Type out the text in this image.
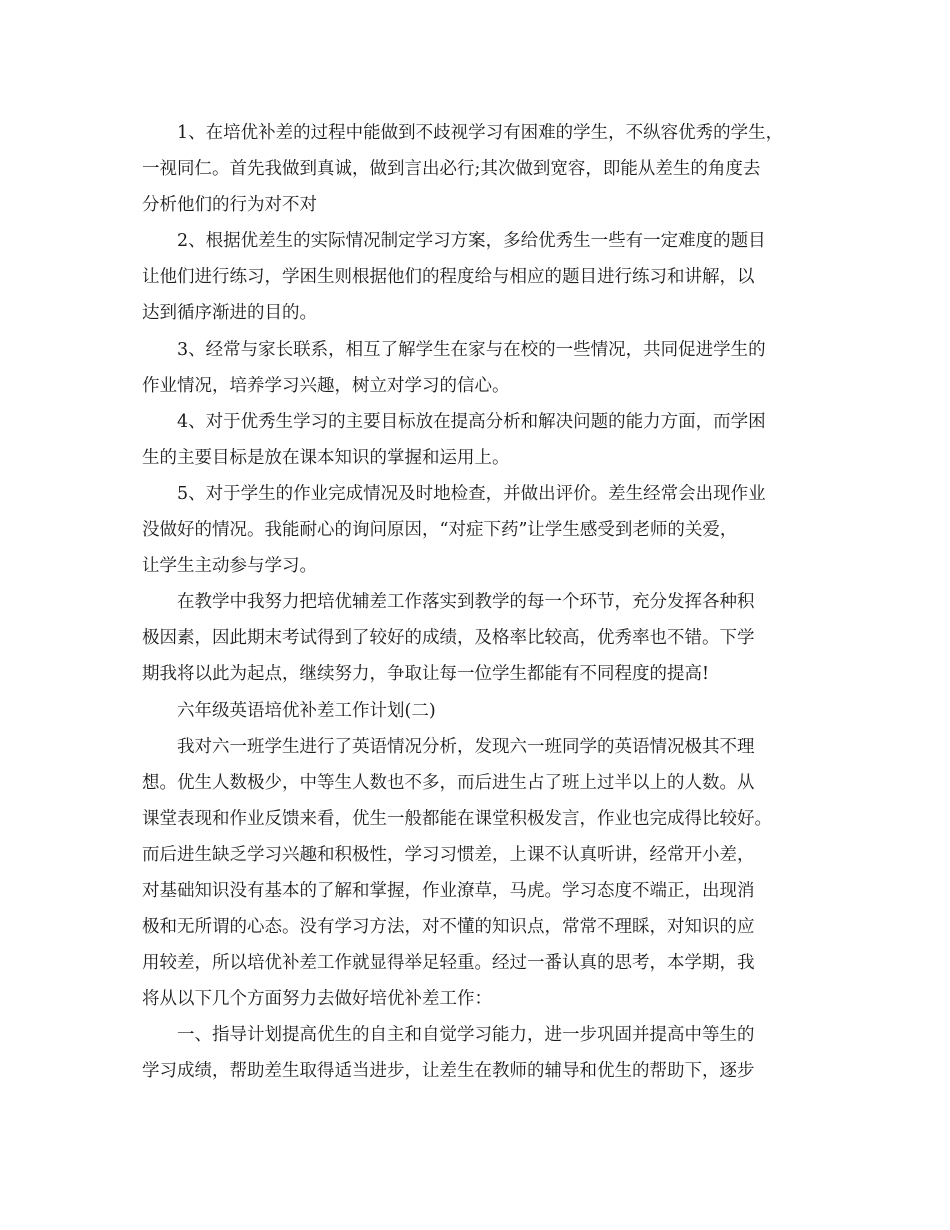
1、在培优补差的过程中能做到不歧视学习有困难的学生，不纵容优秀的学生，
一视同仁。首先我做到真诚，做到言出必行;其次做到宽容，即能从差生的角度去
分析他们的行为对不对
2、根据优差生的实际情况制定学习方案，多给优秀生一些有一定难度的题目
让他们进行练习，学困生则根据他们的程度给与相应的题目进行练习和讲解，以
达到循序渐进的目的。
3、经常与家长联系，相互了解学生在家与在校的一些情况，共同促进学生的
作业情况，培养学习兴趣，树立对学习的信心。
4、对于优秀生学习的主要目标放在提高分析和解决问题的能力方面，而学困
生的主要目标是放在课本知识的掌握和运用上。
5、对于学生的作业完成情况及时地检查，并做出评价。差生经常会出现作业
没做好的情况。我能耐心的询问原因，“对症下药”让学生感受到老师的关爱，
让学生主动参与学习。
在教学中我努力把培优辅差工作落实到教学的每一个环节，充分发挥各种积
极因素，因此期末考试得到了较好的成绩，及格率比较高，优秀率也不错。下学
期我将以此为起点，继续努力，争取让每一位学生都能有不同程度的提高!
六年级英语培优补差工作计划(二)
我对六一班学生进行了英语情况分析，发现六一班同学的英语情况极其不理
想。优生人数极少，中等生人数也不多，而后进生占了班上过半以上的人数。从
课堂表现和作业反馈来看，优生一般都能在课堂积极发言，作业也完成得比较好。
而后进生缺乏学习兴趣和积极性，学习习惯差，上课不认真听讲，经常开小差，
对基础知识没有基本的了解和掌握，作业潦草，马虎。学习态度不端正，出现消
极和无所谓的心态。没有学习方法，对不懂的知识点，常常不理睬，对知识的应
用较差，所以培优补差工作就显得举足轻重。经过一番认真的思考，本学期，我
将从以下几个方面努力去做好培优补差工作：
一、指导计划提高优生的自主和自觉学习能力，进一步巩固并提高中等生的
学习成绩，帮助差生取得适当进步，让差生在教师的辅导和优生的帮助下，逐步
